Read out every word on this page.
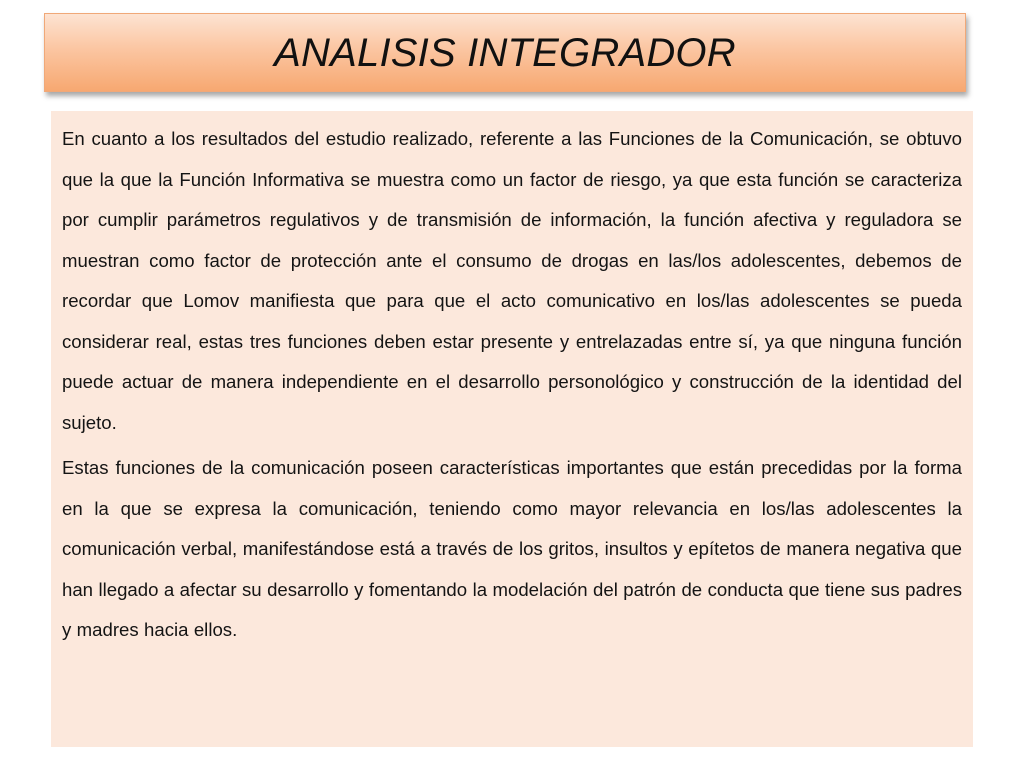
ANALISIS INTEGRADOR

En cuanto a los resultados del estudio realizado, referente a las Funciones de la Comunicación, se obtuvo que la que la Función Informativa se muestra como un factor de riesgo, ya que esta función se caracteriza por cumplir parámetros regulativos y de transmisión de información, la función afectiva y reguladora se muestran como factor de protección ante el consumo de drogas en las/los adolescentes, debemos de recordar que Lomov manifiesta que para que el acto comunicativo en los/las adolescentes se pueda considerar real, estas tres funciones deben estar presente y entrelazadas entre sí, ya que ninguna función puede actuar de manera independiente en el desarrollo personológico y construcción de la identidad del sujeto.

Estas funciones de la comunicación poseen características importantes que están precedidas por la forma en la que se expresa la comunicación, teniendo como mayor relevancia en los/las adolescentes la comunicación verbal, manifestándose está a través de los gritos, insultos y epítetos de manera negativa que han llegado a afectar su desarrollo y fomentando la modelación del patrón de conducta que tiene sus padres y madres hacia ellos.
